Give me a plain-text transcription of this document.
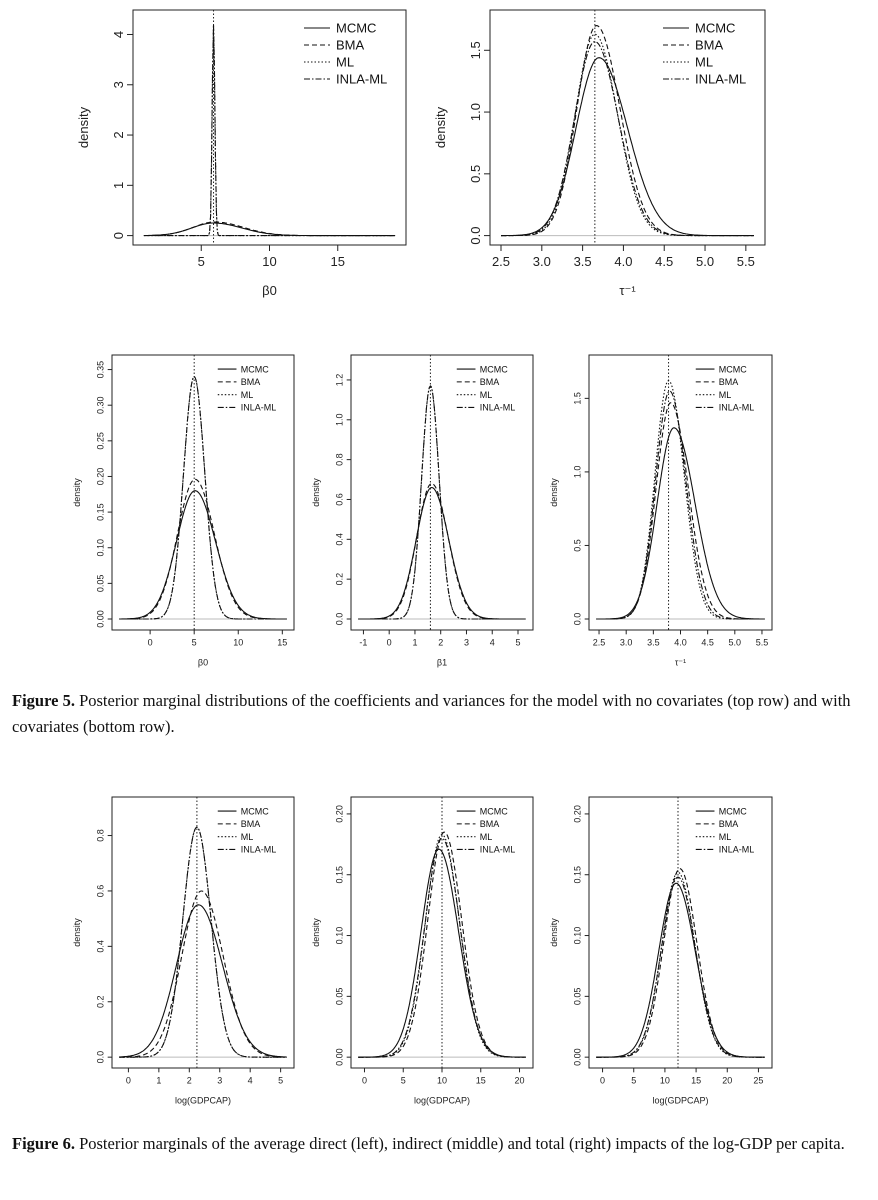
5	10	15
0
1
2
3
4
β0
density
MCMC
BMA
ML
INLA-ML
2.5 3.0 3.5 4.0 4.5 5.0 5.5
0.0
0.5
1.0
1.5
τ⁻¹
density
MCMC
BMA
ML
INLA-ML
0	5	10	15
0.00
0.05
0.10
0.15
0.20
0.25
0.30
0.35
β0
density
MCMC
BMA
ML
INLA-ML
-1 0 1 2 3 4 5
0.0
0.2
0.4
0.6
0.8
1.0
1.2
β1
density
MCMC
BMA
ML
INLA-ML
2.5 3.0 3.5 4.0 4.5 5.0 5.5
0.0
0.5
1.0
1.5
τ⁻¹
density
MCMC
BMA
ML
INLA-ML
0	1	2	3	4	5
0.0
0.2
0.4
0.6
0.8
log(GDPCAP)
density
MCMC
BMA
ML
INLA-ML
0	5	10	15	20
0.00
0.05
0.10
0.15
0.20
log(GDPCAP)
density
MCMC
BMA
ML
INLA-ML
0	5	10 15 20 25
0.00
0.05
0.10
0.15
0.20
log(GDPCAP)
density
MCMC
BMA
ML
INLA-ML
Figure 5. Posterior marginal distributions of the coefficients and variances for the model with no covariates (top row) and with covariates (bottom row).
Figure 6. Posterior marginals of the average direct (left), indirect (middle) and total (right) impacts of the log-GDP per capita.
